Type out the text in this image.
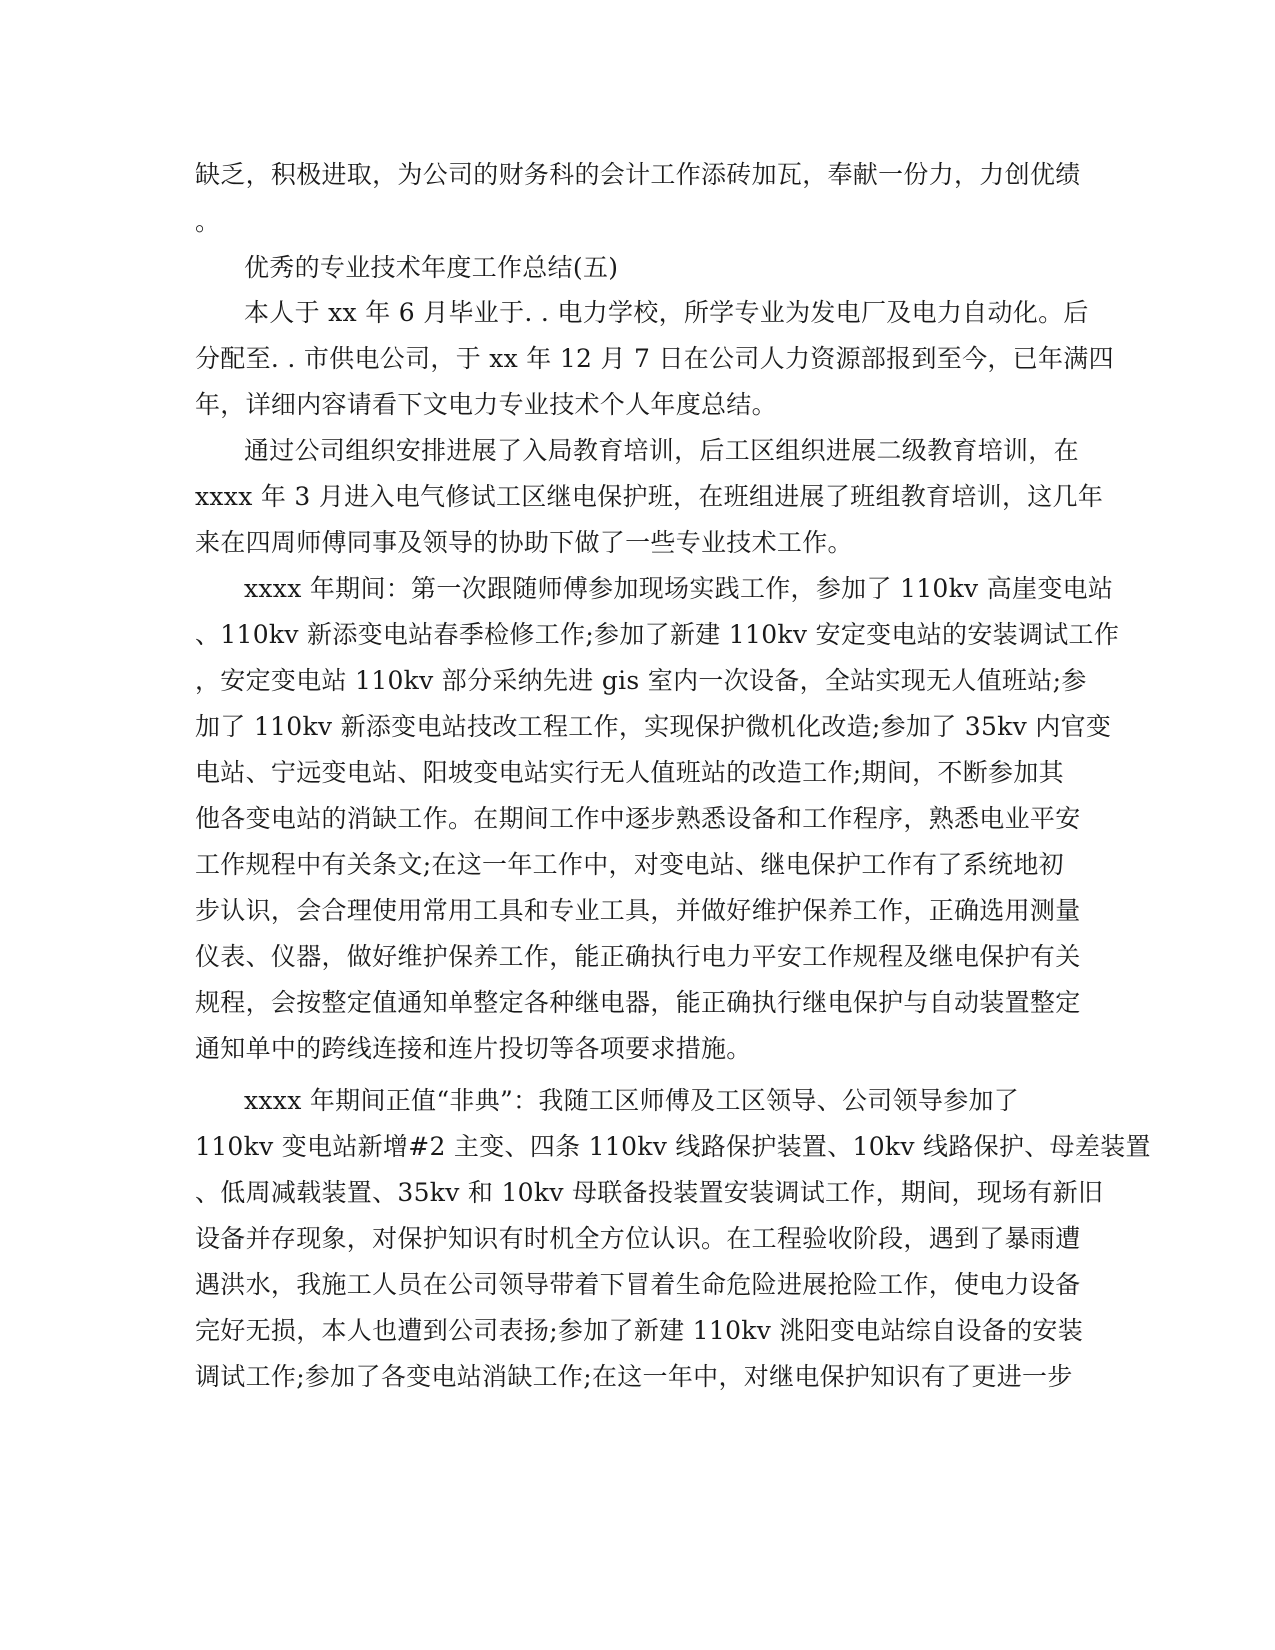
缺乏，积极进取，为公司的财务科的会计工作添砖加瓦，奉献一份力，力创优绩
。
优秀的专业技术年度工作总结(五)
本人于 xx 年 6 月毕业于. . 电力学校，所学专业为发电厂及电力自动化。后
分配至. . 市供电公司，于 xx 年 12 月 7 日在公司人力资源部报到至今，已年满四
年，详细内容请看下文电力专业技术个人年度总结。
通过公司组织安排进展了入局教育培训，后工区组织进展二级教育培训，在
xxxx 年 3 月进入电气修试工区继电保护班，在班组进展了班组教育培训，这几年
来在四周师傅同事及领导的协助下做了一些专业技术工作。
xxxx 年期间：第一次跟随师傅参加现场实践工作，参加了 110kv 高崖变电站
、110kv 新添变电站春季检修工作;参加了新建 110kv 安定变电站的安装调试工作
，安定变电站 110kv 部分采纳先进 gis 室内一次设备，全站实现无人值班站;参
加了 110kv 新添变电站技改工程工作，实现保护微机化改造;参加了 35kv 内官变
电站、宁远变电站、阳坡变电站实行无人值班站的改造工作;期间，不断参加其
他各变电站的消缺工作。在期间工作中逐步熟悉设备和工作程序，熟悉电业平安
工作规程中有关条文;在这一年工作中，对变电站、继电保护工作有了系统地初
步认识，会合理使用常用工具和专业工具，并做好维护保养工作，正确选用测量
仪表、仪器，做好维护保养工作，能正确执行电力平安工作规程及继电保护有关
规程，会按整定值通知单整定各种继电器，能正确执行继电保护与自动装置整定
通知单中的跨线连接和连片投切等各项要求措施。
xxxx 年期间正值“非典”：我随工区师傅及工区领导、公司领导参加了
110kv 变电站新增#2 主变、四条 110kv 线路保护装置、10kv 线路保护、母差装置
、低周减载装置、35kv 和 10kv 母联备投装置安装调试工作，期间，现场有新旧
设备并存现象，对保护知识有时机全方位认识。在工程验收阶段，遇到了暴雨遭
遇洪水，我施工人员在公司领导带着下冒着生命危险进展抢险工作，使电力设备
完好无损，本人也遭到公司表扬;参加了新建 110kv 洮阳变电站综自设备的安装
调试工作;参加了各变电站消缺工作;在这一年中，对继电保护知识有了更进一步
